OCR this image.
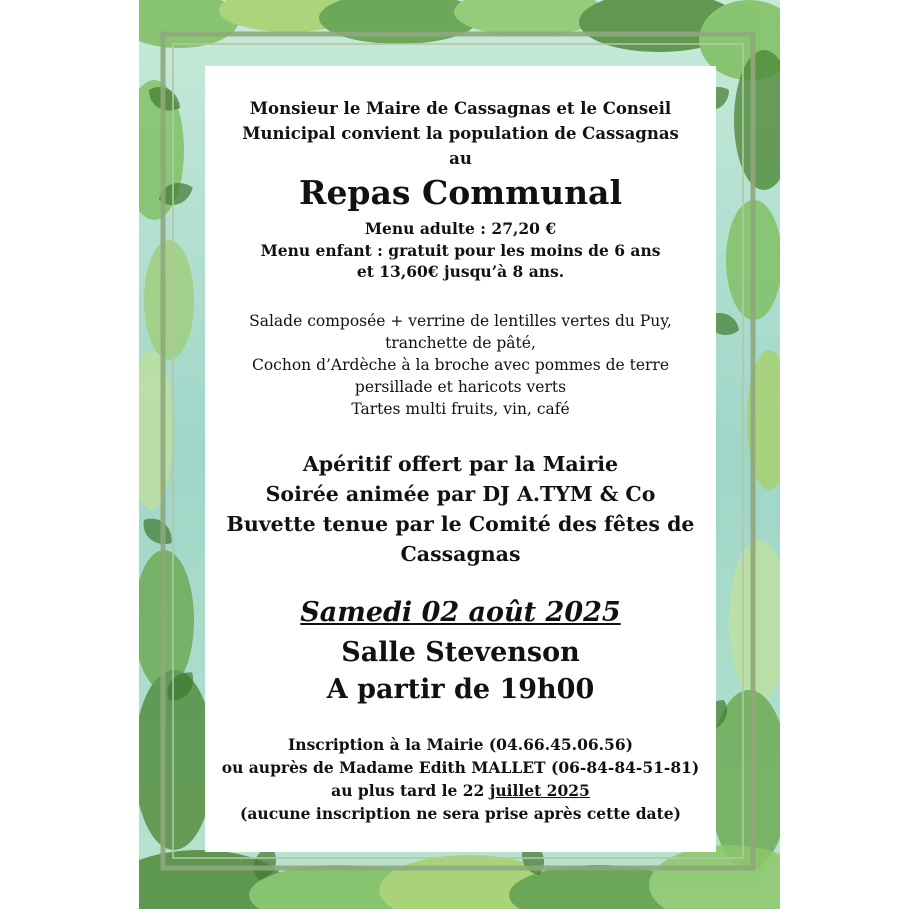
Monsieur le Maire de Cassagnas et le Conseil
Municipal convient la population de Cassagnas
au
Repas Communal
Menu adulte : 27,20 €
Menu enfant : gratuit pour les moins de 6 ans
et 13,60€ jusqu’à 8 ans.
Salade composée + verrine de lentilles vertes du Puy,
tranchette de pâté,
Cochon d’Ardèche à la broche avec pommes de terre
persillade et haricots verts
Tartes multi fruits, vin, café
Apéritif offert par la Mairie
Soirée animée par DJ A.TYM & Co
Buvette tenue par le Comité des fêtes de
Cassagnas
Samedi 02 août 2025
Salle Stevenson
A partir de 19h00
Inscription à la Mairie (04.66.45.06.56)
ou auprès de Madame Edith MALLET (06-84-84-51-81)
au plus tard le 22 juillet 2025
(aucune inscription ne sera prise après cette date)
